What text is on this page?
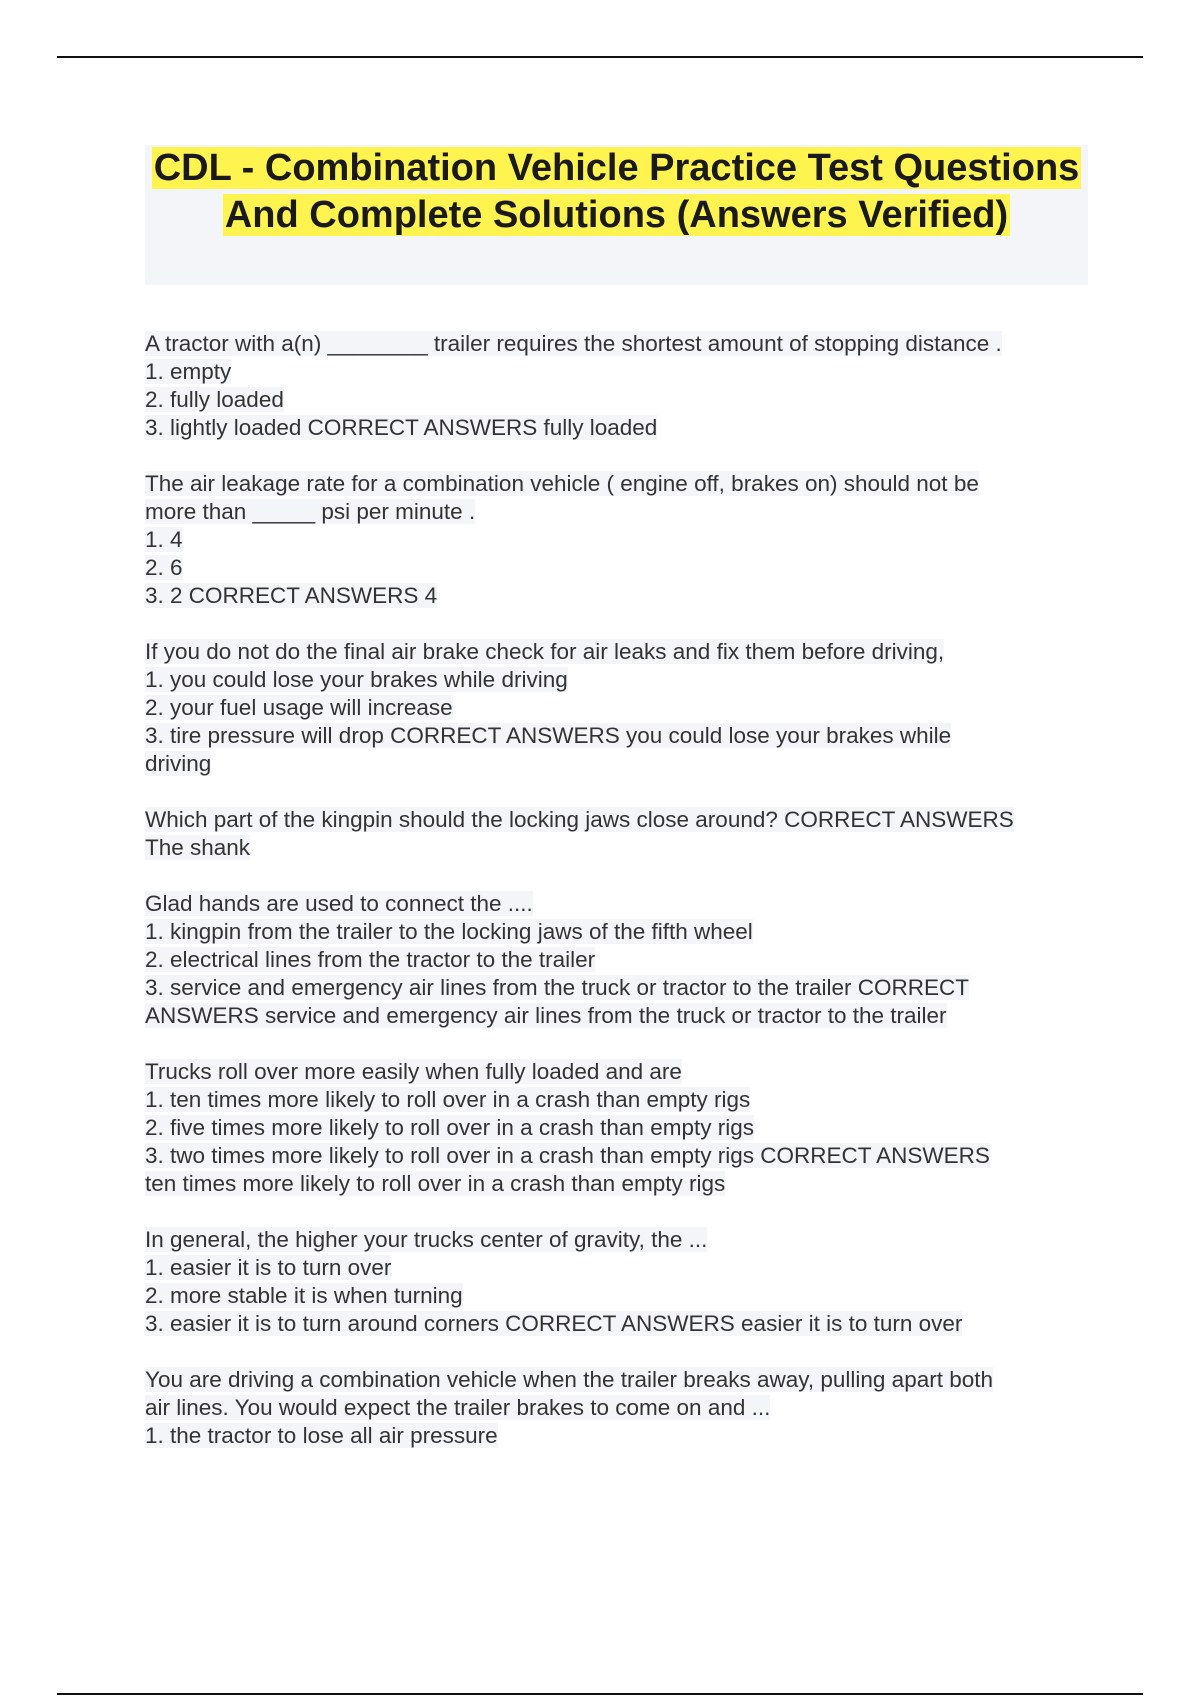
CDL - Combination Vehicle Practice Test Questions And Complete Solutions (Answers Verified)
A tractor with a(n) ________ trailer requires the shortest amount of stopping distance .
1. empty
2. fully loaded
3. lightly loaded CORRECT ANSWERS fully loaded
The air leakage rate for a combination vehicle ( engine off, brakes on) should not be
more than _____ psi per minute .
1. 4
2. 6
3. 2 CORRECT ANSWERS 4
If you do not do the final air brake check for air leaks and fix them before driving,
1. you could lose your brakes while driving
2. your fuel usage will increase
3. tire pressure will drop CORRECT ANSWERS you could lose your brakes while
driving
Which part of the kingpin should the locking jaws close around? CORRECT ANSWERS
The shank
Glad hands are used to connect the ....
1. kingpin from the trailer to the locking jaws of the fifth wheel
2. electrical lines from the tractor to the trailer
3. service and emergency air lines from the truck or tractor to the trailer CORRECT
ANSWERS service and emergency air lines from the truck or tractor to the trailer
Trucks roll over more easily when fully loaded and are
1. ten times more likely to roll over in a crash than empty rigs
2. five times more likely to roll over in a crash than empty rigs
3. two times more likely to roll over in a crash than empty rigs CORRECT ANSWERS
ten times more likely to roll over in a crash than empty rigs
In general, the higher your trucks center of gravity, the ...
1. easier it is to turn over
2. more stable it is when turning
3. easier it is to turn around corners CORRECT ANSWERS easier it is to turn over
You are driving a combination vehicle when the trailer breaks away, pulling apart both
air lines. You would expect the trailer brakes to come on and ...
1. the tractor to lose all air pressure
